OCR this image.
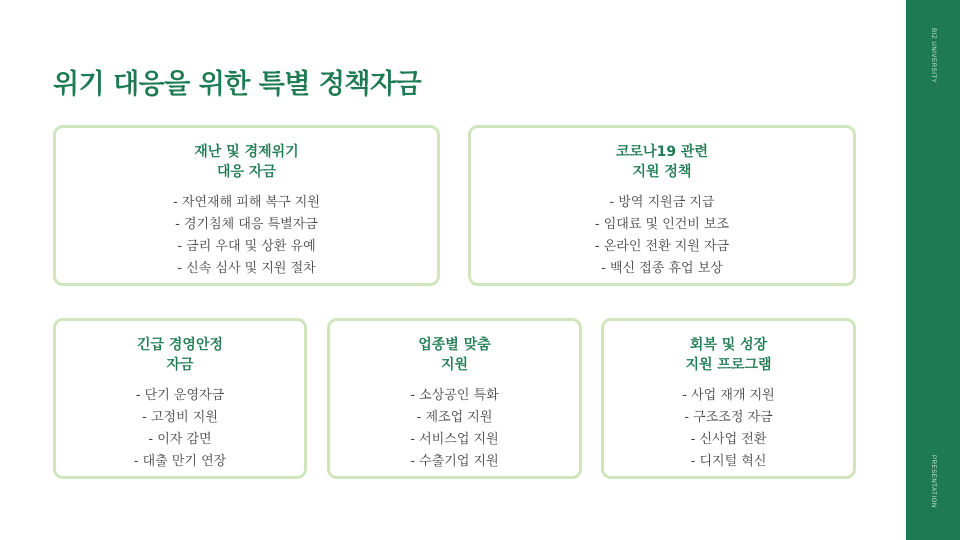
BIZ UNIVERSITY
PRESENTATION
위기 대응을 위한 특별 정책자금
재난 및 경제위기
대응 자금
- 자연재해 피해 복구 지원
- 경기침체 대응 특별자금
- 금리 우대 및 상환 유예
- 신속 심사 및 지원 절차
코로나19 관련
지원 정책
- 방역 지원금 지급
- 임대료 및 인건비 보조
- 온라인 전환 지원 자금
- 백신 접종 휴업 보상
긴급 경영안정
자금
- 단기 운영자금
- 고정비 지원
- 이자 감면
- 대출 만기 연장
업종별 맞춤
지원
- 소상공인 특화
- 제조업 지원
- 서비스업 지원
- 수출기업 지원
회복 및 성장
지원 프로그램
- 사업 재개 지원
- 구조조정 자금
- 신사업 전환
- 디지털 혁신
